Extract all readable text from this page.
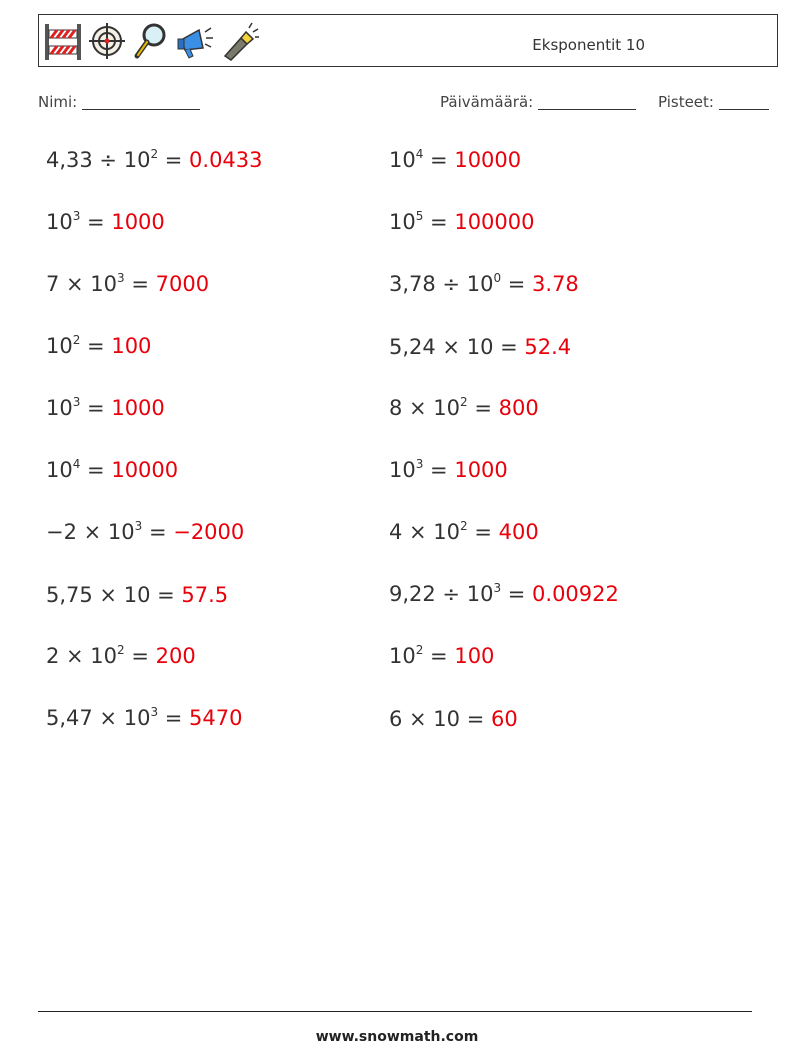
Eksponentit 10
Nimi:	Päivämäärä:	Pisteet:
$4,33 \div 10^2 = 0.0433$
$10^3 = 1000$
$7 \times 10^3 = 7000$
$10^2 = 100$
$10^3 = 1000$
$10^4 = 10000$
$-2 \times 10^3 = -2000$
5,75 × 10 = 57.5
$2 \times 10^2 = 200$
$5,47 \times 10^3 = 5470$
$10^4 = 10000$
$10^5 = 100000$
$3,78 \div 10^0 = 3.78$
5,24 × 10 = 52.4
$8 \times 10^2 = 800$
$10^3 = 1000$
$4 \times 10^2 = 400$
$9,22 \div 10^3 = 0.00922$
$10^2 = 100$
6 × 10 = 60
www.snowmath.com
